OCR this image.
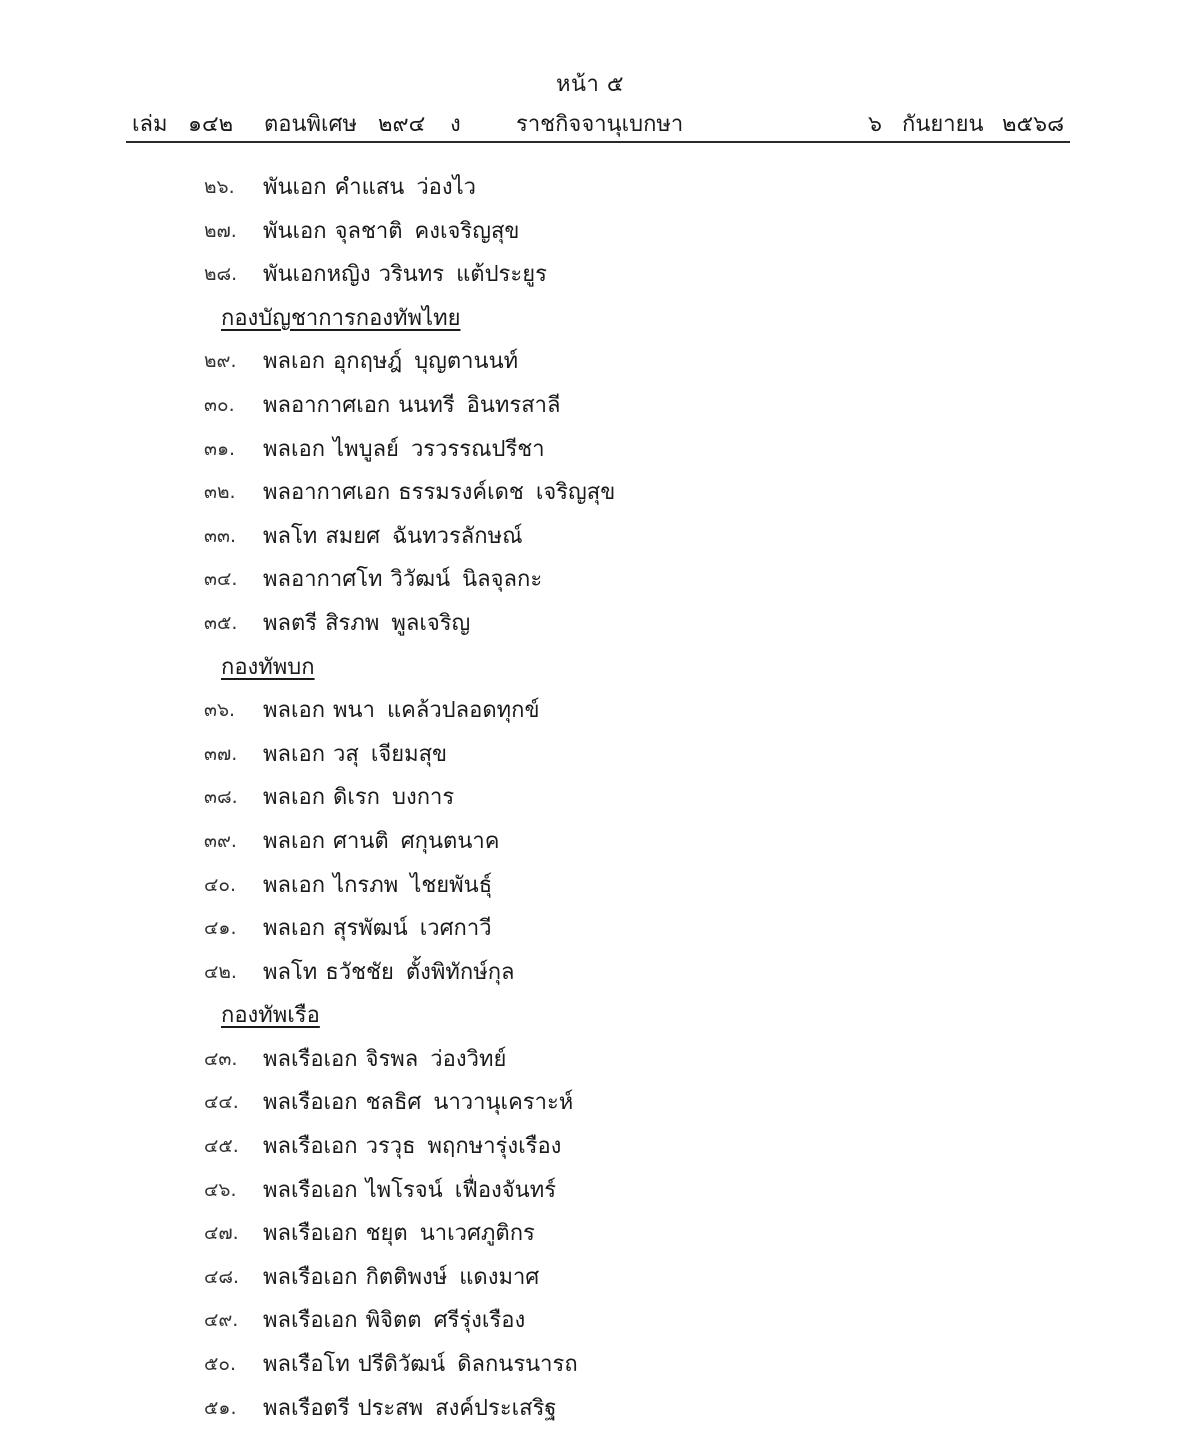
หน้า ๕
เล่ม ๑๔๒ ตอนพิเศษ ๒๙๔ ง	ราชกิจจานุเบกษา	๖ กันยายน ๒๕๖๘
๒๖. พันเอก คำแสน ว่องไว
๒๗. พันเอก จุลชาติ คงเจริญสุข
๒๘. พันเอกหญิง วรินทร แต้ประยูร
กองบัญชาการกองทัพไทย
๒๙. พลเอก อุกฤษฎ์ บุญตานนท์
๓๐. พลอากาศเอก นนทรี อินทรสาลี
๓๑. พลเอก ไพบูลย์ วรวรรณปรีชา
๓๒. พลอากาศเอก ธรรมรงค์เดช เจริญสุข
๓๓. พลโท สมยศ ฉันทวรลักษณ์
๓๔. พลอากาศโท วิวัฒน์ นิลจุลกะ
๓๕. พลตรี สิรภพ พูลเจริญ
กองทัพบก
๓๖. พลเอก พนา แคล้วปลอดทุกข์
๓๗. พลเอก วสุ เจียมสุข
๓๘. พลเอก ดิเรก บงการ
๓๙. พลเอก ศานติ ศกุนตนาค
๔๐. พลเอก ไกรภพ ไชยพันธุ์
๔๑. พลเอก สุรพัฒน์ เวศกาวี
๔๒. พลโท ธวัชชัย ตั้งพิทักษ์กุล
กองทัพเรือ
๔๓. พลเรือเอก จิรพล ว่องวิทย์
๔๔. พลเรือเอก ชลธิศ นาวานุเคราะห์
๔๕. พลเรือเอก วรวุธ พฤกษารุ่งเรือง
๔๖. พลเรือเอก ไพโรจน์ เฟื่องจันทร์
๔๗. พลเรือเอก ชยุต นาเวศภูติกร
๔๘. พลเรือเอก กิตติพงษ์ แดงมาศ
๔๙. พลเรือเอก พิจิตต ศรีรุ่งเรือง
๕๐. พลเรือโท ปรีดิวัฒน์ ดิลกนรนารถ
๕๑. พลเรือตรี ประสพ สงค์ประเสริฐ
